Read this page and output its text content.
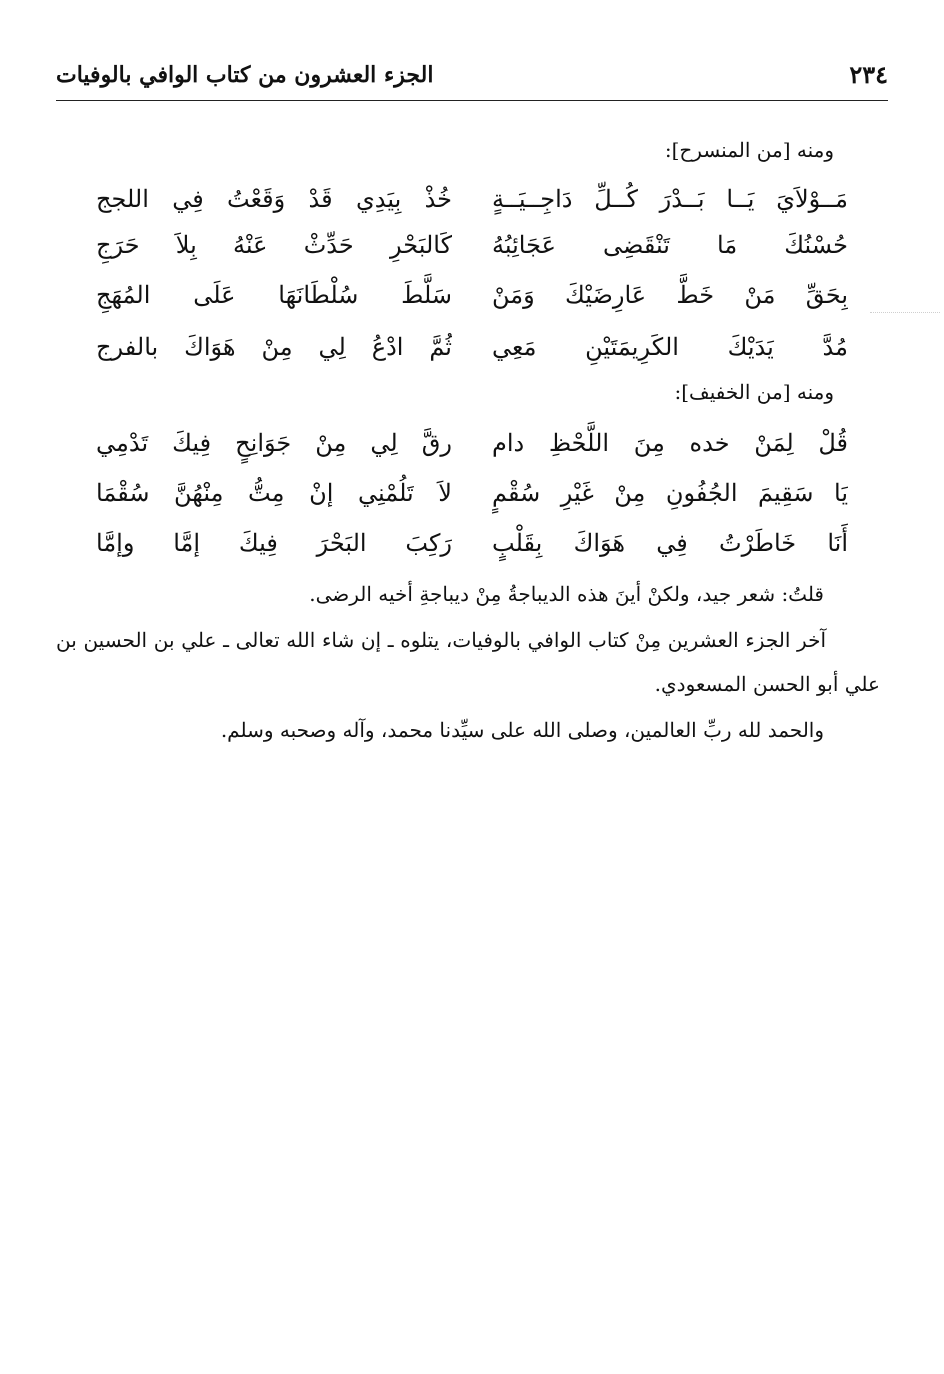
الجزء العشرون من كتاب الوافي بالوفيات	٢٣٤
ومنه [من المنسرح]:
مَــوْلاَيَ يَــا بَــدْرَ كُــلِّ دَاجِــيَــةٍ
خُذْ بِيَدِي قَدْ وَقَعْتُ فِي اللجج
حُسْنُكَ مَا تَنْقَضِى عَجَائِبُهُ
كَالبَحْرِ حَدِّثْ عَنْهُ بِلاَ حَرَجِ
بِحَقِّ مَنْ خَطَّ عَارِضَيْكَ وَمَنْ
سَلَّطَ سُلْطَانَهَا عَلَى المُهَجِ
مُدَّ يَدَيْكَ الكَرِيمَتَيْنِ مَعِي
ثُمَّ ادْعُ لِي مِنْ هَوَاكَ بالفرج
ومنه [من الخفيف]:
قُلْ لِمَنْ خده مِنَ اللَّحْظِ دام
رقَّ لِي مِنْ جَوَانِحٍ فِيكَ تَدْمِي
يَا سَقِيمَ الجُفُونِ مِنْ غَيْرِ سُقْمٍ
لاَ تَلُمْنِي إنْ مِتُّ مِنْهُنَّ سُقْمَا
أَنَا خَاطَرْتُ فِي هَوَاكَ بِقَلْبٍ
رَكِبَ البَحْرَ فِيكَ إمَّا وإمَّا
قلتُ: شعر جيد، ولكنْ أينَ هذه الديباجةُ مِنْ ديباجةِ أخيه الرضى.
آخر الجزء العشرين مِنْ كتاب الوافي بالوفيات، يتلوه ـ إن شاء الله تعالى ـ علي بن الحسين بن علي أبو الحسن المسعودي.
والحمد لله ربِّ العالمين، وصلى الله على سيِّدنا محمد، وآله وصحبه وسلم.
